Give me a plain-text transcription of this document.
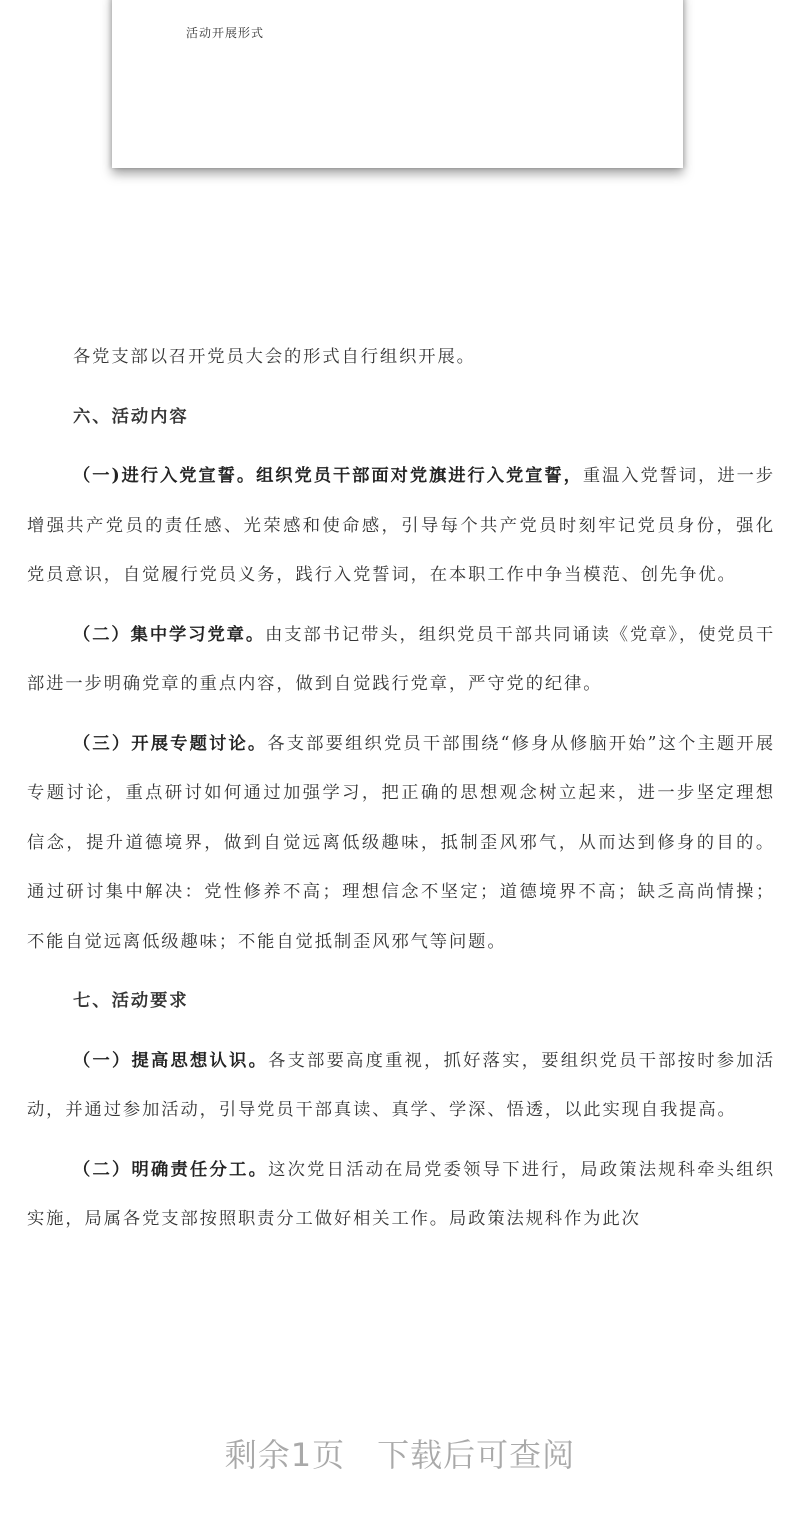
活动开展形式

各党支部以召开党员大会的形式自行组织开展。

六、活动内容

（一)进行入党宣誓。组织党员干部面对党旗进行入党宣誓，重温入党誓词，进一步增强共产党员的责任感、光荣感和使命感，引导每个共产党员时刻牢记党员身份，强化党员意识，自觉履行党员义务，践行入党誓词，在本职工作中争当模范、创先争优。

（二）集中学习党章。由支部书记带头，组织党员干部共同诵读《党章》，使党员干部进一步明确党章的重点内容，做到自觉践行党章，严守党的纪律。

（三）开展专题讨论。各支部要组织党员干部围绕“修身从修脑开始”这个主题开展专题讨论，重点研讨如何通过加强学习，把正确的思想观念树立起来，进一步坚定理想信念，提升道德境界，做到自觉远离低级趣味，抵制歪风邪气，从而达到修身的目的。通过研讨集中解决：党性修养不高；理想信念不坚定；道德境界不高；缺乏高尚情操；不能自觉远离低级趣味；不能自觉抵制歪风邪气等问题。

七、活动要求

（一）提高思想认识。各支部要高度重视，抓好落实，要组织党员干部按时参加活动，并通过参加活动，引导党员干部真读、真学、学深、悟透，以此实现自我提高。

（二）明确责任分工。这次党日活动在局党委领导下进行，局政策法规科牵头组织实施，局属各党支部按照职责分工做好相关工作。局政策法规科作为此次

剩余1页 下载后可查阅
